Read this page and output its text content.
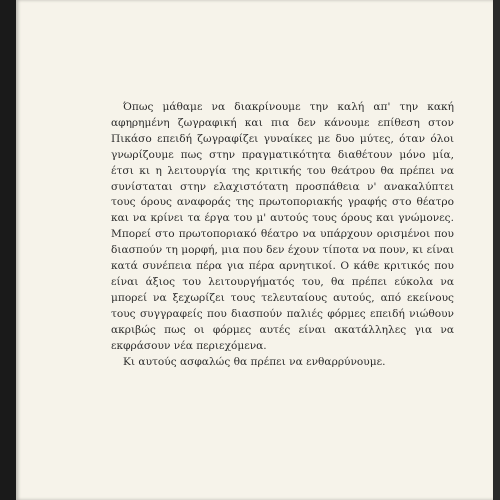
Όπως μάθαμε να διακρίνουμε την καλή απ' την κακή αφηρημένη ζωγραφική και πια δεν κάνουμε επίθεση στον Πικάσο επειδή ζωγραφίζει γυναίκες με δυο μύτες, όταν όλοι γνωρίζουμε πως στην πραγματικότητα διαθέτουν μόνο μία, έτσι κι η λειτουργία της κριτικής του θεάτρου θα πρέπει να συνίσταται στην ελαχιστότατη προσπάθεια ν' ανακαλύπτει τους όρους αναφοράς της πρωτοποριακής γραφής στο θέατρο και να κρίνει τα έργα του μ' αυτούς τους όρους και γνώμονες. Μπορεί στο πρωτοποριακό θέατρο να υπάρχουν ορισμένοι που διασπούν τη μορφή, μια που δεν έχουν τίποτα να πουν, κι είναι κατά συνέπεια πέρα για πέρα αρνητικοί. Ο κάθε κριτικός που είναι άξιος του λειτουργήματός του, θα πρέπει εύκολα να μπορεί να ξεχωρίζει τους τελευταίους αυτούς, από εκείνους τους συγγραφείς που διασπούν παλιές φόρμες επειδή νιώθουν ακριβώς πως οι φόρμες αυτές είναι ακατάλληλες για να εκφράσουν νέα περιεχόμενα.

Κι αυτούς ασφαλώς θα πρέπει να ενθαρρύνουμε.
